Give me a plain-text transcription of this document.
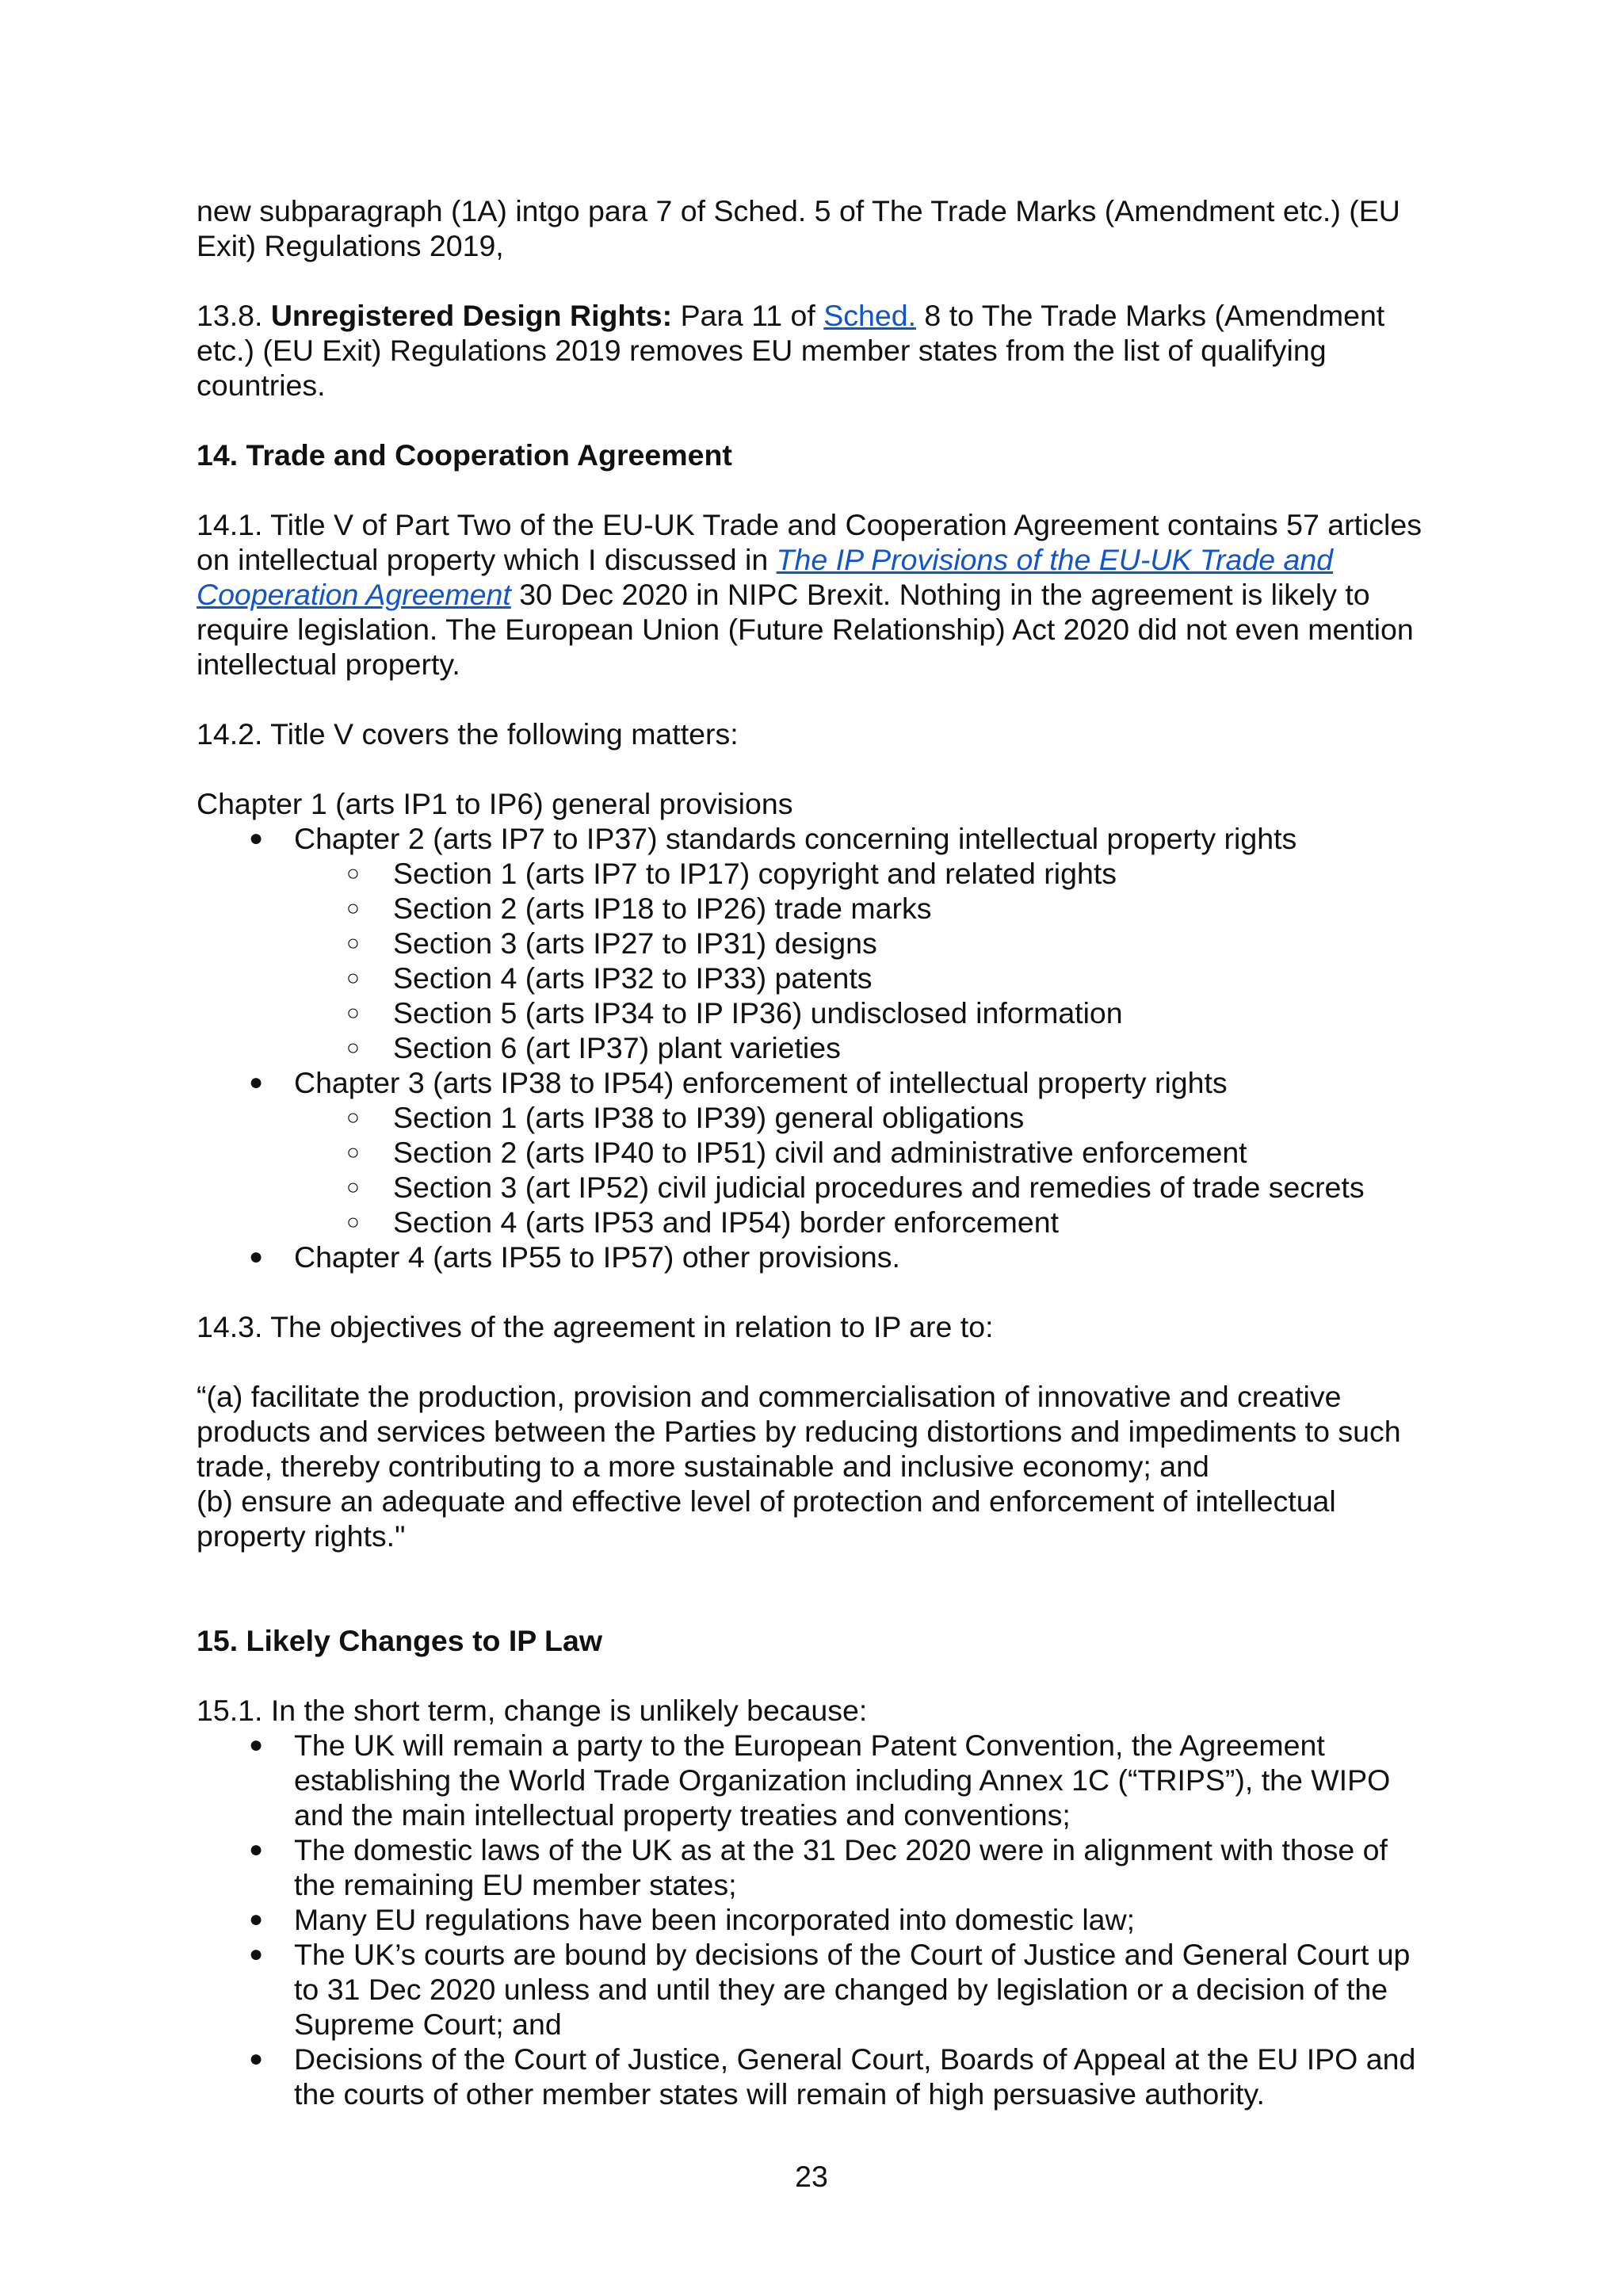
new subparagraph (1A) intgo para 7 of Sched. 5 of The Trade Marks (Amendment etc.) (EU Exit) Regulations 2019,

13.8. Unregistered Design Rights: Para 11 of Sched. 8 to The Trade Marks (Amendment etc.) (EU Exit) Regulations 2019 removes EU member states from the list of qualifying countries.

14. Trade and Cooperation Agreement

14.1. Title V of Part Two of the EU-UK Trade and Cooperation Agreement contains 57 articles on intellectual property which I discussed in The IP Provisions of the EU-UK Trade and Cooperation Agreement 30 Dec 2020 in NIPC Brexit. Nothing in the agreement is likely to require legislation. The European Union (Future Relationship) Act 2020 did not even mention intellectual property.

14.2. Title V covers the following matters:

Chapter 1 (arts IP1 to IP6) general provisions

● Chapter 2 (arts IP7 to IP37) standards concerning intellectual property rights
○ Section 1 (arts IP7 to IP17) copyright and related rights
○ Section 2 (arts IP18 to IP26) trade marks
○ Section 3 (arts IP27 to IP31) designs
○ Section 4 (arts IP32 to IP33) patents
○ Section 5 (arts IP34 to IP IP36) undisclosed information
○ Section 6 (art IP37) plant varieties
● Chapter 3 (arts IP38 to IP54) enforcement of intellectual property rights
○ Section 1 (arts IP38 to IP39) general obligations
○ Section 2 (arts IP40 to IP51) civil and administrative enforcement
○ Section 3 (art IP52) civil judicial procedures and remedies of trade secrets
○ Section 4 (arts IP53 and IP54) border enforcement
● Chapter 4 (arts IP55 to IP57) other provisions.

14.3. The objectives of the agreement in relation to IP are to:

“(a) facilitate the production, provision and commercialisation of innovative and creative products and services between the Parties by reducing distortions and impediments to such trade, thereby contributing to a more sustainable and inclusive economy; and
(b) ensure an adequate and effective level of protection and enforcement of intellectual property rights."

15. Likely Changes to IP Law

15.1. In the short term, change is unlikely because:

● The UK will remain a party to the European Patent Convention, the Agreement establishing the World Trade Organization including Annex 1C (“TRIPS”), the WIPO and the main intellectual property treaties and conventions;
● The domestic laws of the UK as at the 31 Dec 2020 were in alignment with those of the remaining EU member states;
● Many EU regulations have been incorporated into domestic law;
● The UK’s courts are bound by decisions of the Court of Justice and General Court up to 31 Dec 2020 unless and until they are changed by legislation or a decision of the Supreme Court; and
● Decisions of the Court of Justice, General Court, Boards of Appeal at the EU IPO and the courts of other member states will remain of high persuasive authority.
23
